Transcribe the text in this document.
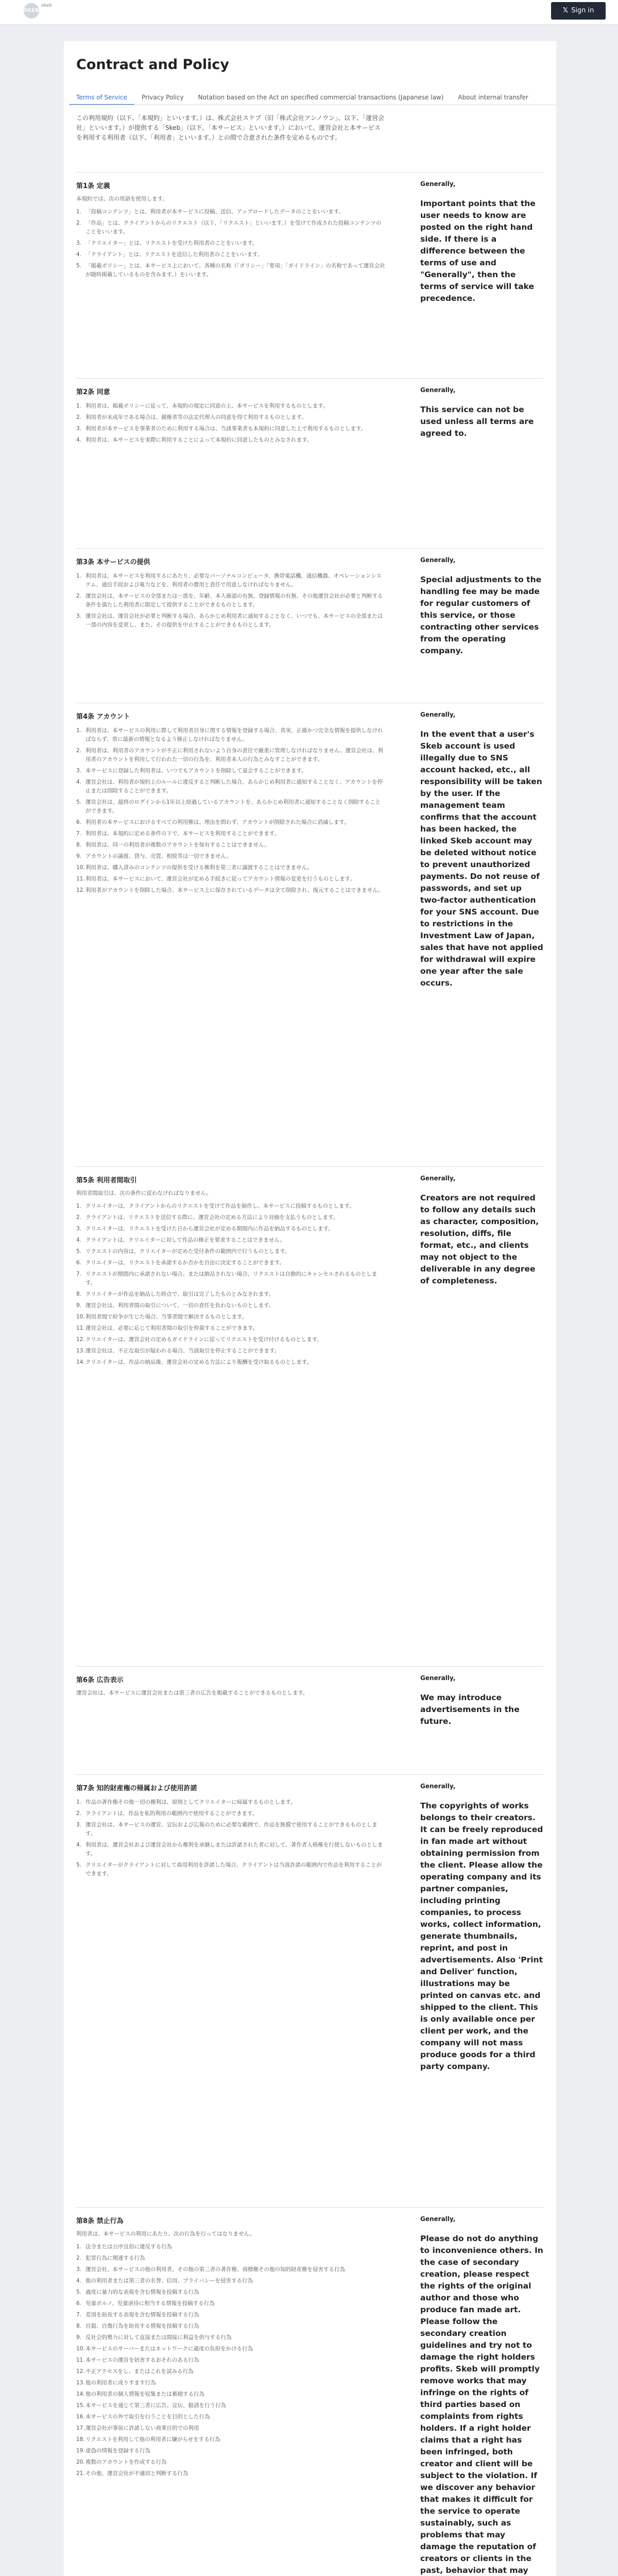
SKEB
skeb
𝕏 Sign in
Contract and Policy
Terms of Service Privacy Policy Notation based on the Act on specified commercial transactions (Japanese law) About internal transfer

この利用規約（以下、「本規約」といいます。）は、株式会社スケブ（旧「株式会社アンノウン」、以下、「運営会社」といいます。）が提供する「Skeb」（以下、「本サービス」といいます。）において、運営会社と本サービスを利用する利用者（以下、「利用者」といいます。）との間で合意された条件を定めるものです。

第1条 定義

本規約では、次の用語を使用します。

1. 「投稿コンテンツ」とは、利用者が本サービスに投稿、送信、アップロードしたデータのことをいいます。
2. 「作品」とは、クライアントからのリクエスト（以下、「リクエスト」といいます。）を受けて作成された投稿コンテンツのことをいいます。
3. 「クリエイター」とは、リクエストを受けた利用者のことをいいます。
4. 「クライアント」とは、リクエストを送信した利用者のことをいいます。
5. 「掲載ポリシー」とは、本サービス上において、各種の名称（「ポリシー」「要項」「ガイドライン」の名称であって運営会社が随時掲載しているものを含みます。）をいいます。
Generally,

Important points that the user needs to know are posted on the right hand side. If there is a difference between the terms of use and "Generally", then the terms of service will take precedence.

第2条 同意
1. 利用者は、掲載ポリシーに従って、本規約の規定に同意の上、本サービスを利用するものとします。
2. 利用者が未成年である場合は、親権者等の法定代理人の同意を得て利用するものとします。
3. 利用者が本サービスを事業者のために利用する場合は、当該事業者も本規約に同意した上で利用するものとします。
4. 利用者は、本サービスを実際に利用することによって本規約に同意したものとみなされます。
Generally,

This service can not be used unless all terms are agreed to.

第3条 本サービスの提供
1. 利用者は、本サービスを利用するにあたり、必要なパーソナルコンピュータ、携帯電話機、通信機器、オペレーションシステム、通信手段および電力などを、利用者の費用と責任で用意しなければなりません。
2. 運営会社は、本サービスの全部または一部を、年齢、本人確認の有無、登録情報の有無、その他運営会社が必要と判断する条件を満たした利用者に限定して提供することができるものとします。
3. 運営会社は、運営会社が必要と判断する場合、あらかじめ利用者に通知することなく、いつでも、本サービスの全部または一部の内容を変更し、また、その提供を中止することができるものとします。
Generally,

Special adjustments to the handling fee may be made for regular customers of this service, or those contracting other services from the operating company.

第4条 アカウント
1. 利用者は、本サービスの利用に際して利用者自身に関する情報を登録する場合、真実、正確かつ完全な情報を提供しなければならず、常に最新の情報となるよう修正しなければなりません。
2. 利用者は、利用者のアカウントが不正に利用されないよう自身の責任で厳重に管理しなければなりません。運営会社は、利用者のアカウントを利用して行われた一切の行為を、利用者本人の行為とみなすことができます。
3. 本サービスに登録した利用者は、いつでもアカウントを削除して退会することができます。
4. 運営会社は、利用者が規約上のルールに違反すると判断した場合、あらかじめ利用者に通知することなく、アカウントを停止または削除することができます。
5. 運営会社は、最終のログインから1年以上経過しているアカウントを、あらかじめ利用者に通知することなく削除することができます。
6. 利用者の本サービスにおけるすべての利用権は、理由を問わず、アカウントが削除された場合に消滅します。
7. 利用者は、本規約に定める条件の下で、本サービスを利用することができます。
8. 利用者は、同一の利用者が複数のアカウントを保有することはできません。
9. アカウントの譲渡、貸与、売買、相続等は一切できません。
10. 利用者は、購入済みのコンテンツの提供を受ける権利を第三者に譲渡することはできません。
11. 利用者は、本サービスにおいて、運営会社が定める手続きに従ってアカウント情報の変更を行うものとします。
12. 利用者がアカウントを削除した場合、本サービス上に保存されているデータは全て削除され、復元することはできません。
Generally,

In the event that a user's Skeb account is used illegally due to SNS account hacked, etc., all responsibility will be taken by the user. If the management team confirms that the account has been hacked, the linked Skeb account may be deleted without notice to prevent unauthorized payments. Do not reuse of passwords, and set up two-factor authentication for your SNS account. Due to restrictions in the Investment Law of Japan, sales that have not applied for withdrawal will expire one year after the sale occurs.

第5条 利用者間取引

利用者間取引は、次の条件に従わなければなりません。

1. クリエイターは、クライアントからのリクエストを受けて作品を制作し、本サービスに投稿するものとします。
2. クライアントは、リクエストを送信する際に、運営会社の定める方法により対価を支払うものとします。
3. クリエイターは、リクエストを受けた日から運営会社が定める期間内に作品を納品するものとします。
4. クライアントは、クリエイターに対して作品の修正を要求することはできません。
5. リクエストの内容は、クリエイターが定めた受付条件の範囲内で行うものとします。
6. クリエイターは、リクエストを承諾するか否かを自由に決定することができます。
7. リクエストが期間内に承諾されない場合、または納品されない場合、リクエストは自動的にキャンセルされるものとします。
8. クリエイターが作品を納品した時点で、取引は完了したものとみなされます。
9. 運営会社は、利用者間の取引について、一切の責任を負わないものとします。
10. 利用者間で紛争が生じた場合、当事者間で解決するものとします。
11. 運営会社は、必要に応じて利用者間の取引を仲裁することができます。
12. クリエイターは、運営会社の定めるガイドラインに従ってリクエストを受け付けるものとします。
13. 運営会社は、不正な取引が疑われる場合、当該取引を停止することができます。
14. クリエイターは、作品の納品後、運営会社の定める方法により報酬を受け取るものとします。
Generally,

Creators are not required to follow any details such as character, composition, resolution, diffs, file format, etc., and clients may not object to the deliverable in any degree of completeness.

第6条 広告表示

運営会社は、本サービスに運営会社または第三者の広告を掲載することができるものとします。

Generally,

We may introduce advertisements in the future.

第7条 知的財産権の帰属および使用許諾
1. 作品の著作権その他一切の権利は、原則としてクリエイターに帰属するものとします。
2. クライアントは、作品を私的利用の範囲内で使用することができます。
3. 運営会社は、本サービスの運営、宣伝および広報のために必要な範囲で、作品を無償で使用することができるものとします。
4. 利用者は、運営会社および運営会社から権利を承継しまたは許諾された者に対して、著作者人格権を行使しないものとします。
5. クリエイターがクライアントに対して商用利用を許諾した場合、クライアントは当該許諾の範囲内で作品を利用することができます。
Generally,

The copyrights of works belongs to their creators. It can be freely reproduced in fan made art without obtaining permission from the client. Please allow the operating company and its partner companies, including printing companies, to process works, collect information, generate thumbnails, reprint, and post in advertisements. Also 'Print and Deliver' function, illustrations may be printed on canvas etc. and shipped to the client. This is only available once per client per work, and the company will not mass produce goods for a third party company.

第8条 禁止行為

利用者は、本サービスの利用にあたり、次の行為を行ってはなりません。

1. 法令または公序良俗に違反する行為
2. 犯罪行為に関連する行為
3. 運営会社、本サービスの他の利用者、その他の第三者の著作権、商標権その他の知的財産権を侵害する行為
4. 他の利用者または第三者の名誉、信用、プライバシーを侵害する行為
5. 過度に暴力的な表現を含む情報を投稿する行為
6. 児童ポルノ、児童虐待に相当する情報を投稿する行為
7. 差別を助長する表現を含む情報を投稿する行為
8. 自殺、自傷行為を助長する情報を投稿する行為
9. 反社会的勢力に対して直接または間接に利益を供与する行為
10. 本サービスのサーバーまたはネットワークに過度の負担をかける行為
11. 本サービスの運営を妨害するおそれのある行為
12. 不正アクセスをし、またはこれを試みる行為
13. 他の利用者に成りすます行為
14. 他の利用者の個人情報を収集または蓄積する行為
15. 本サービスを通じて第三者に広告、宣伝、勧誘を行う行為
16. 本サービスの外で取引を行うことを目的とした行為
17. 運営会社が事前に許諾しない商業目的での利用
18. リクエストを利用して他の利用者に嫌がらせをする行為
19. 虚偽の情報を登録する行為
20. 複数のアカウントを作成する行為
21. その他、運営会社が不適切と判断する行為
Generally,

Please do not do anything to inconvenience others. In the case of secondary creation, please respect the rights of the original author and those who produce fan made art. Please follow the secondary creation guidelines and try not to damage the right holders profits. Skeb will promptly remove works that may infringe on the rights of third parties based on complaints from rights holders. If a right holder claims that a right has been infringed, both creator and client will be subject to the violation. If we discover any behavior that makes it difficult for the service to operate sustainably, such as problems that may damage the reputation of creators or clients in the past, behavior that may
